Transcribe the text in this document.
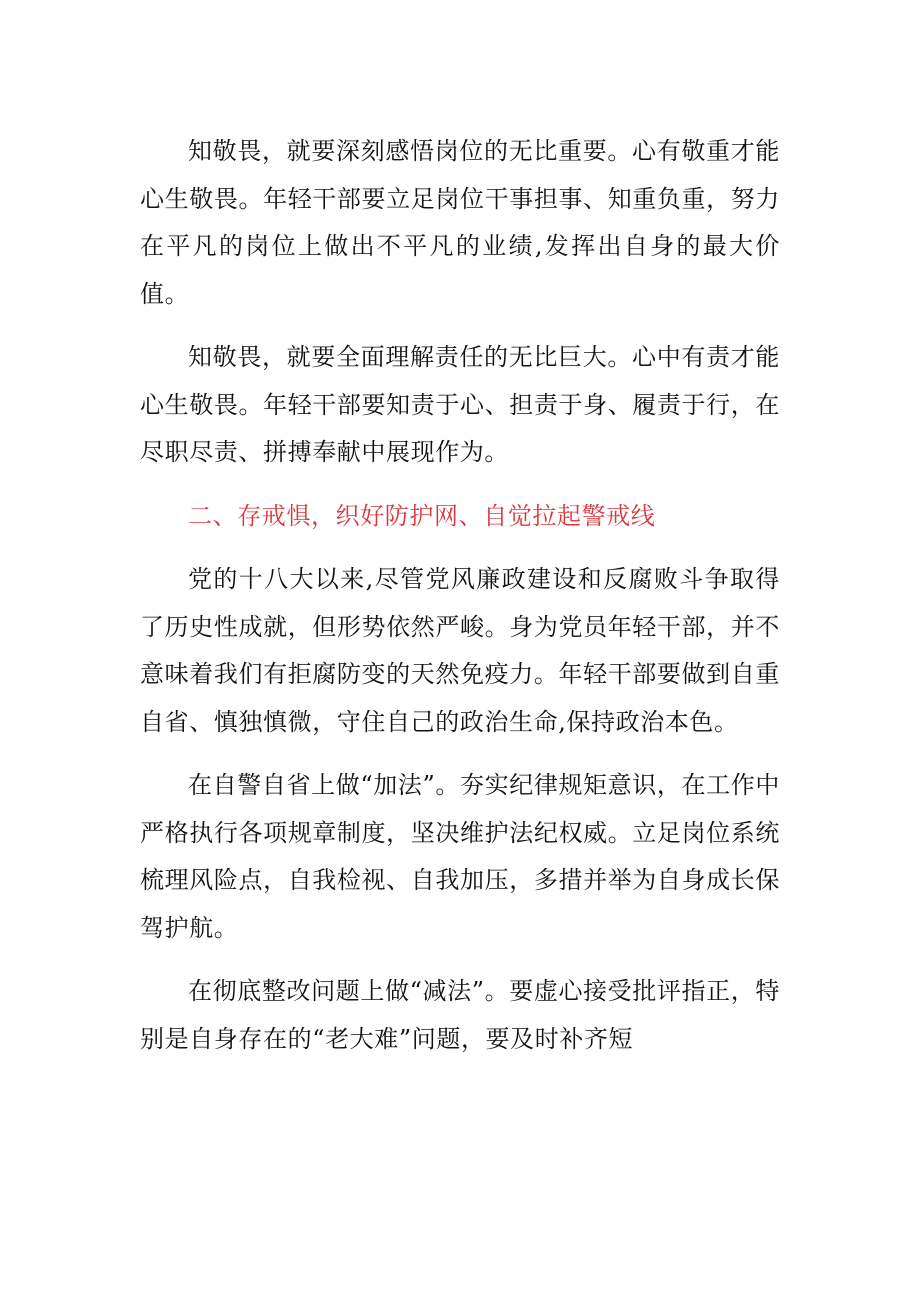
知敬畏，就要深刻感悟岗位的无比重要。心有敬重才能心生敬畏。年轻干部要立足岗位干事担事、知重负重，努力在平凡的岗位上做出不平凡的业绩,发挥出自身的最大价值。

知敬畏，就要全面理解责任的无比巨大。心中有责才能心生敬畏。年轻干部要知责于心、担责于身、履责于行，在尽职尽责、拼搏奉献中展现作为。

二、存戒惧，织好防护网、自觉拉起警戒线

党的十八大以来,尽管党风廉政建设和反腐败斗争取得了历史性成就，但形势依然严峻。身为党员年轻干部，并不意味着我们有拒腐防变的天然免疫力。年轻干部要做到自重自省、慎独慎微，守住自己的政治生命,保持政治本色。

在自警自省上做“加法”。夯实纪律规矩意识，在工作中严格执行各项规章制度，坚决维护法纪权威。立足岗位系统梳理风险点，自我检视、自我加压，多措并举为自身成长保驾护航。

在彻底整改问题上做“减法”。要虚心接受批评指正，特别是自身存在的“老大难”问题，要及时补齐短
